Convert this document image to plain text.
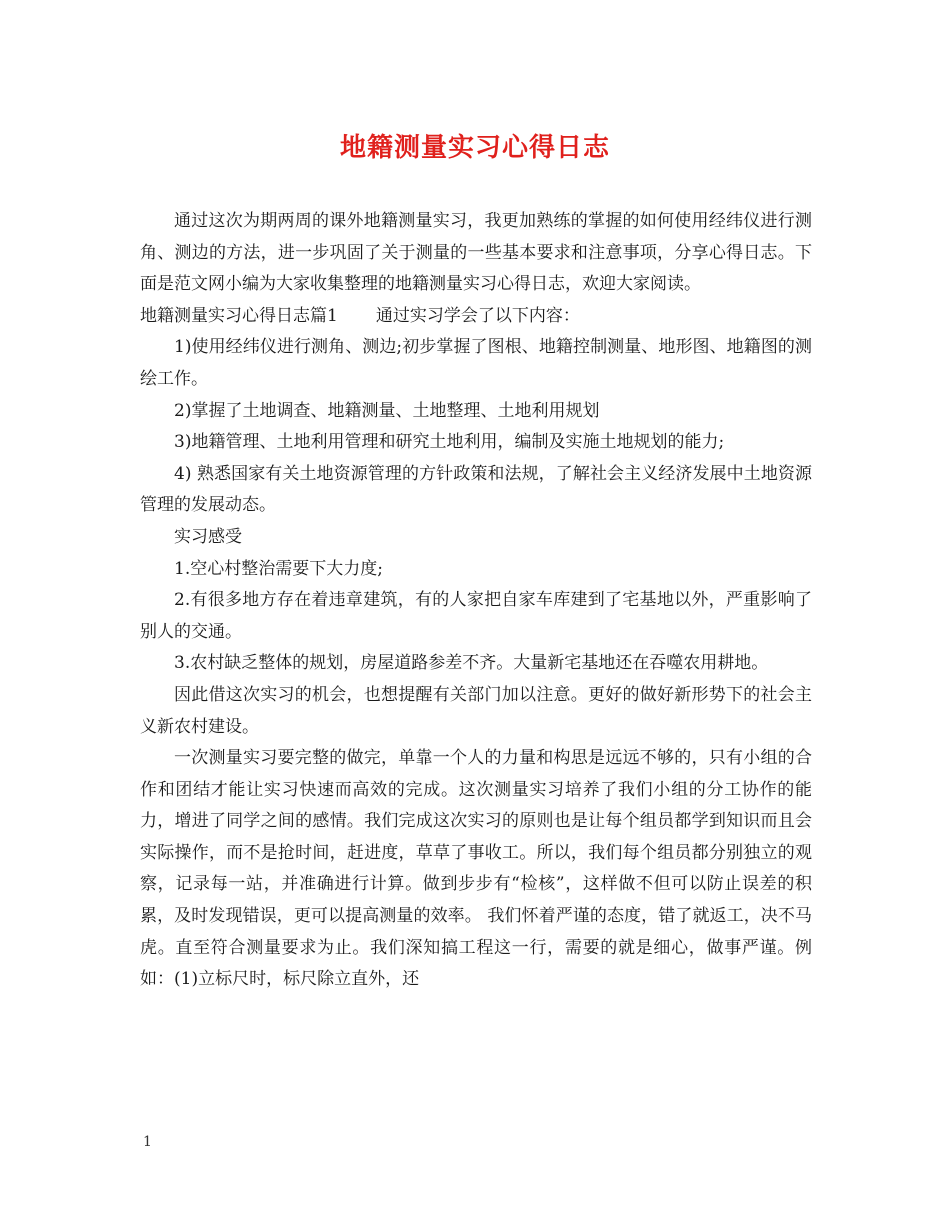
地籍测量实习心得日志

通过这次为期两周的课外地籍测量实习，我更加熟练的掌握的如何使用经纬仪进行测角、测边的方法，进一步巩固了关于测量的一些基本要求和注意事项，分享心得日志。下面是范文网小编为大家收集整理的地籍测量实习心得日志，欢迎大家阅读。

地籍测量实习心得日志篇1 通过实习学会了以下内容：

1)使用经纬仪进行测角、测边;初步掌握了图根、地籍控制测量、地形图、地籍图的测绘工作。

2)掌握了土地调查、地籍测量、土地整理、土地利用规划

3)地籍管理、土地利用管理和研究土地利用，编制及实施土地规划的能力;

4) 熟悉国家有关土地资源管理的方针政策和法规，了解社会主义经济发展中土地资源管理的发展动态。

实习感受

1.空心村整治需要下大力度;

2.有很多地方存在着违章建筑，有的人家把自家车库建到了宅基地以外，严重影响了别人的交通。

3.农村缺乏整体的规划，房屋道路参差不齐。大量新宅基地还在吞噬农用耕地。

因此借这次实习的机会，也想提醒有关部门加以注意。更好的做好新形势下的社会主义新农村建设。

一次测量实习要完整的做完，单靠一个人的力量和构思是远远不够的，只有小组的合作和团结才能让实习快速而高效的完成。这次测量实习培养了我们小组的分工协作的能力，增进了同学之间的感情。我们完成这次实习的原则也是让每个组员都学到知识而且会实际操作，而不是抢时间，赶进度，草草了事收工。所以，我们每个组员都分别独立的观察，记录每一站，并准确进行计算。做到步步有“检核”，这样做不但可以防止误差的积累，及时发现错误，更可以提高测量的效率。 我们怀着严谨的态度，错了就返工，决不马虎。直至符合测量要求为止。我们深知搞工程这一行，需要的就是细心，做事严谨。例如：(1)立标尺时，标尺除立直外，还

1
